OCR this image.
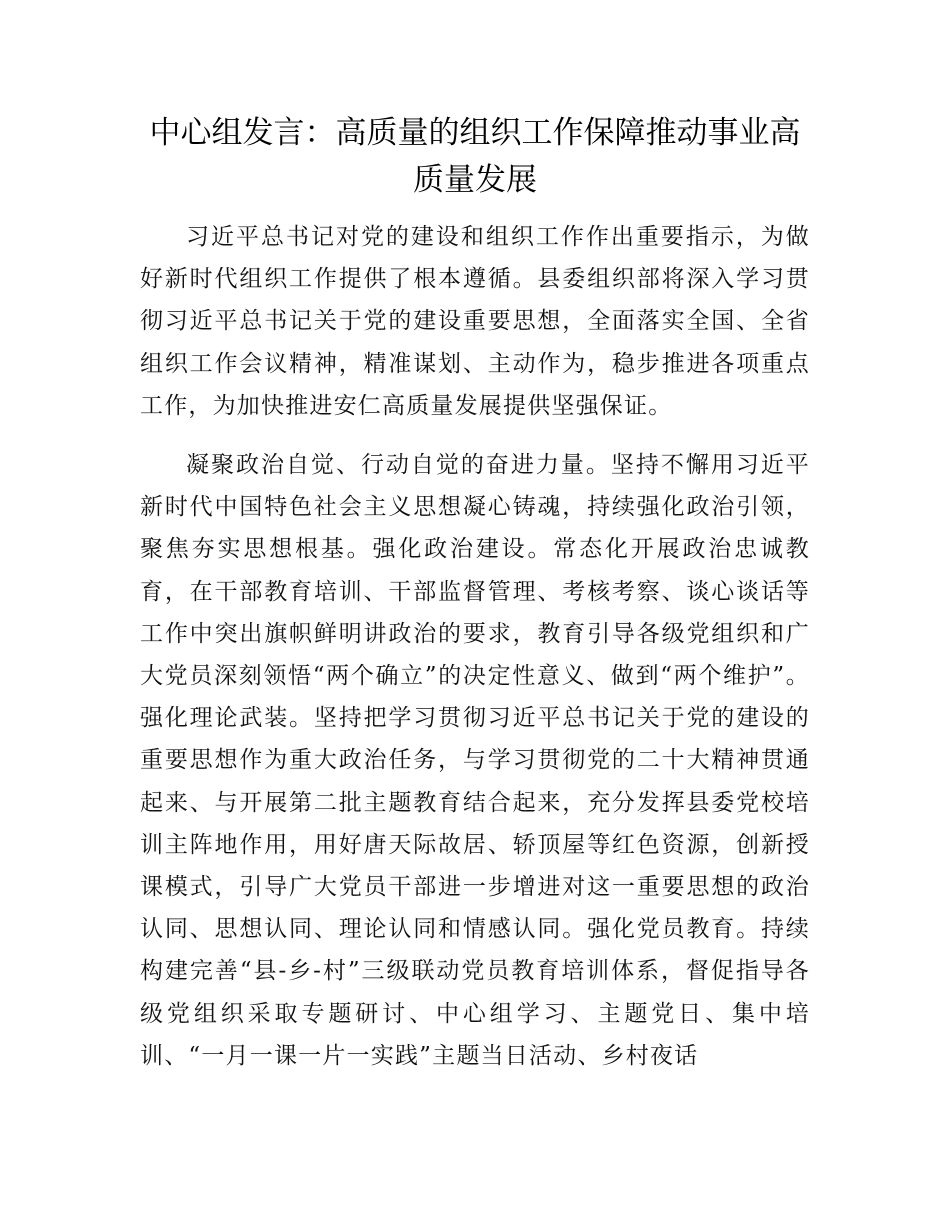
中心组发言：高质量的组织工作保障推动事业高质量发展

习近平总书记对党的建设和组织工作作出重要指示，为做好新时代组织工作提供了根本遵循。县委组织部将深入学习贯彻习近平总书记关于党的建设重要思想，全面落实全国、全省组织工作会议精神，精准谋划、主动作为，稳步推进各项重点工作，为加快推进安仁高质量发展提供坚强保证。

凝聚政治自觉、行动自觉的奋进力量。坚持不懈用习近平新时代中国特色社会主义思想凝心铸魂，持续强化政治引领，聚焦夯实思想根基。强化政治建设。常态化开展政治忠诚教育，在干部教育培训、干部监督管理、考核考察、谈心谈话等工作中突出旗帜鲜明讲政治的要求，教育引导各级党组织和广大党员深刻领悟“两个确立”的决定性意义、做到“两个维护”。强化理论武装。坚持把学习贯彻习近平总书记关于党的建设的重要思想作为重大政治任务，与学习贯彻党的二十大精神贯通起来、与开展第二批主题教育结合起来，充分发挥县委党校培训主阵地作用，用好唐天际故居、轿顶屋等红色资源，创新授课模式，引导广大党员干部进一步增进对这一重要思想的政治认同、思想认同、理论认同和情感认同。强化党员教育。持续构建完善“县-乡-村”三级联动党员教育培训体系，督促指导各级党组织采取专题研讨、中心组学习、主题党日、集中培训、“一月一课一片一实践”主题当日活动、乡村夜话
